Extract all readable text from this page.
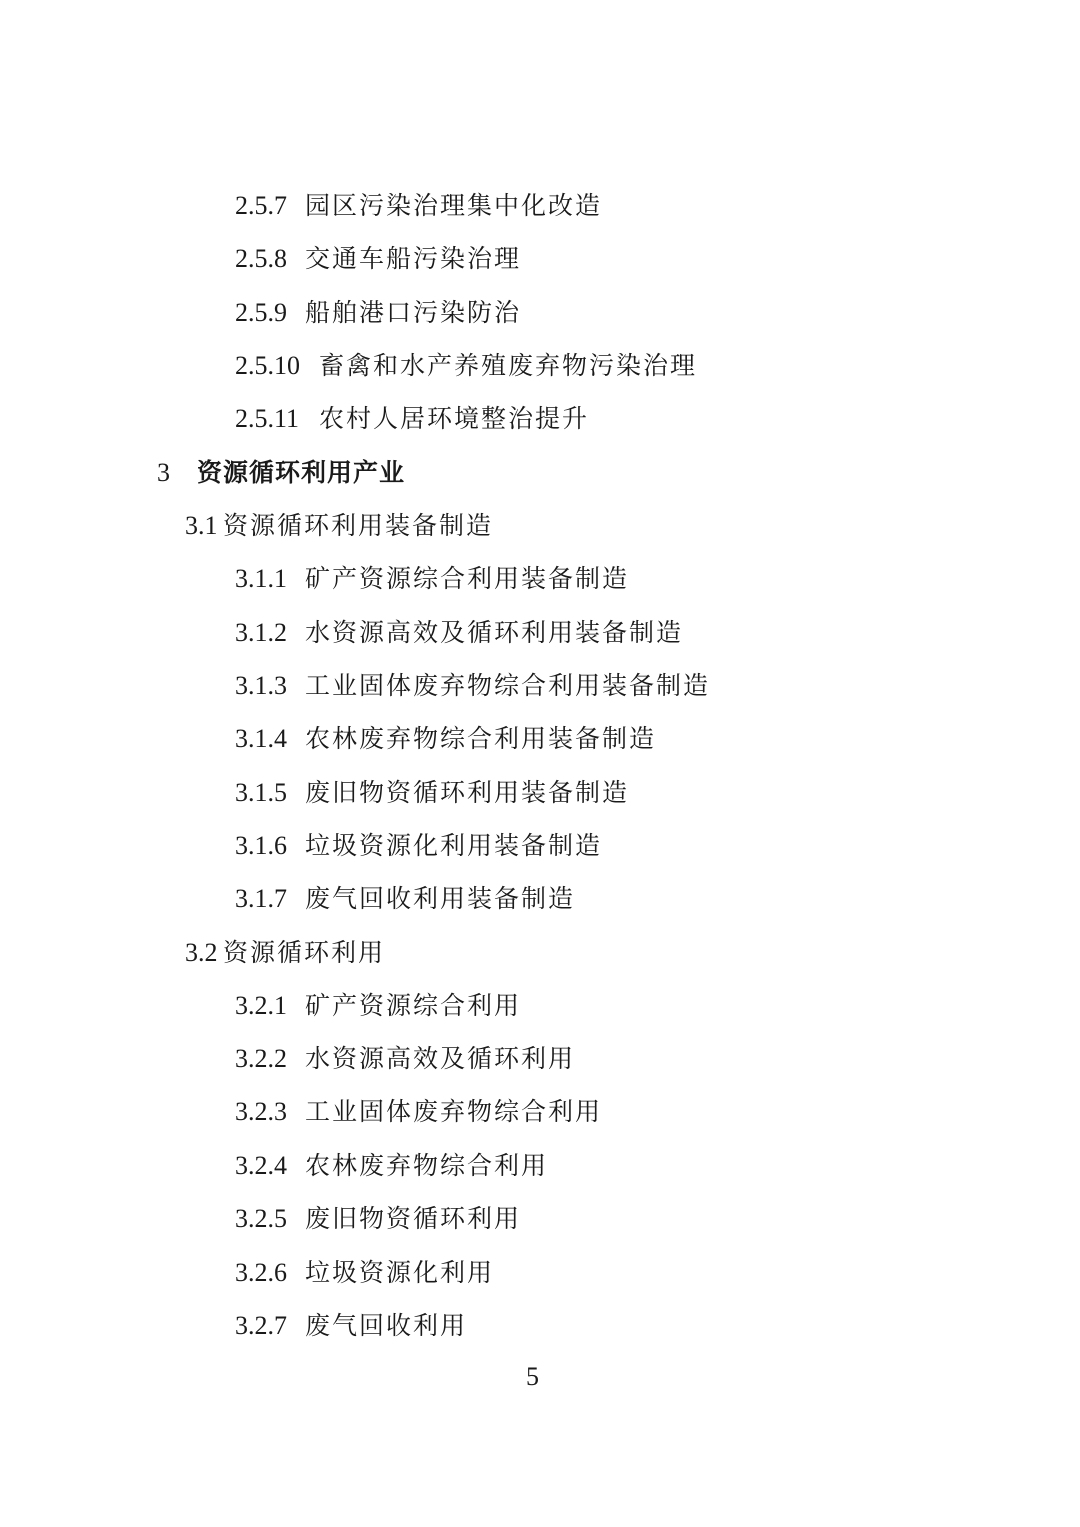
2.5.7 园区污染治理集中化改造
2.5.8 交通车船污染治理
2.5.9 船舶港口污染防治
2.5.10 畜禽和水产养殖废弃物污染治理
2.5.11 农村人居环境整治提升
3 资源循环利用产业
3.1 资源循环利用装备制造
3.1.1 矿产资源综合利用装备制造
3.1.2 水资源高效及循环利用装备制造
3.1.3 工业固体废弃物综合利用装备制造
3.1.4 农林废弃物综合利用装备制造
3.1.5 废旧物资循环利用装备制造
3.1.6 垃圾资源化利用装备制造
3.1.7 废气回收利用装备制造
3.2 资源循环利用
3.2.1 矿产资源综合利用
3.2.2 水资源高效及循环利用
3.2.3 工业固体废弃物综合利用
3.2.4 农林废弃物综合利用
3.2.5 废旧物资循环利用
3.2.6 垃圾资源化利用
3.2.7 废气回收利用
5
